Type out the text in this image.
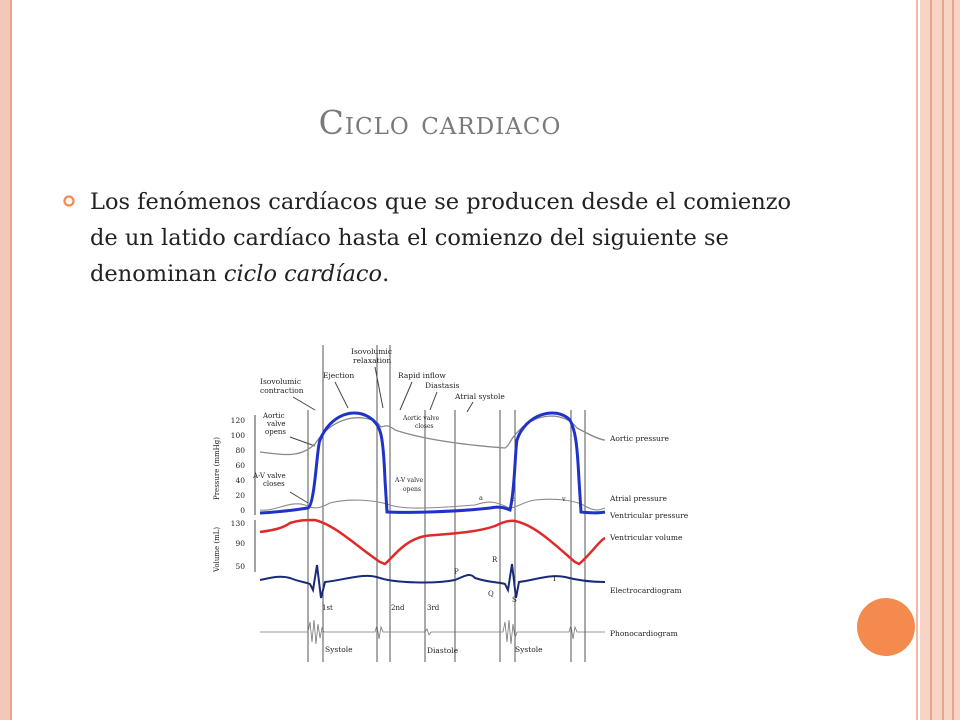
Ciclo cardiaco
Los fenómenos cardíacos que se producen desde el comienzo de un latido cardíaco hasta el comienzo del siguiente se denominan ciclo cardíaco.
Isovolumic
contraction
Ejection
Isovolumic
relaxation
Rapid inflow
Diastasis
Atrial systole
Aortic
valve
opens
Aortic valve
closes
A-V valve
closes	A-V valve
opens
Pressure (mmHg)
120
100
80
60
40
20
0
Volume (mL)
130
90
50
P
R
Q
S
T
a	c	v
1st	2nd	3rd
Systole	Diastole	Systole
Aortic pressure
Atrial pressure
Ventricular pressure
Ventricular volume
Electrocardiogram
Phonocardiogram
